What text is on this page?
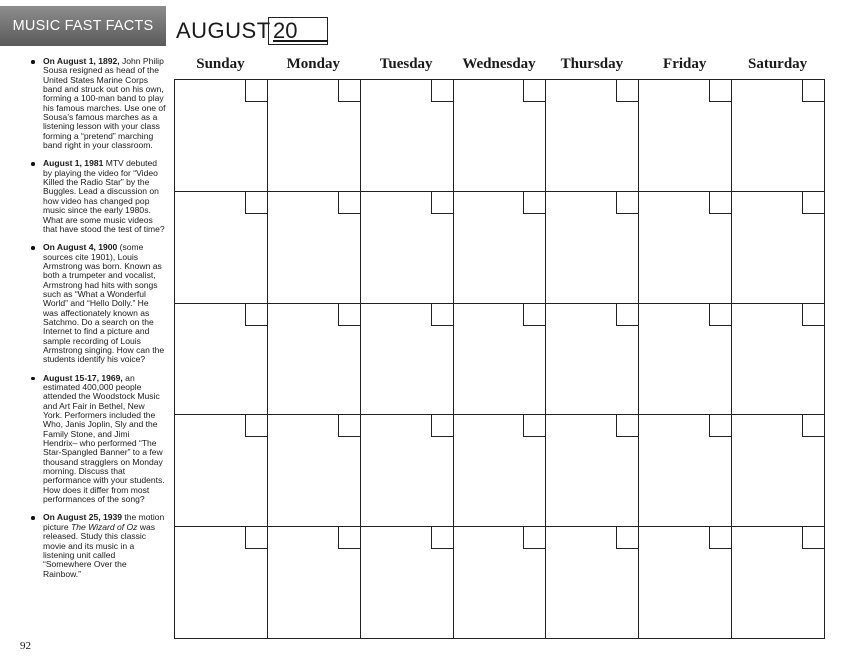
MUSIC FAST FACTS	AUGUST 20
On August 1, 1892, John Philip Sousa resigned as head of the United States Marine Corps band and struck out on his own, forming a 100-man band to play his famous marches. Use one of Sousa’s famous marches as a listening lesson with your class forming a “pretend” marching band right in your classroom.
August 1, 1981 MTV debuted by playing the video for “Video Killed the Radio Star” by the Buggles. Lead a discussion on how video has changed pop music since the early 1980s. What are some music videos that have stood the test of time?
On August 4, 1900 (some sources cite 1901), Louis Armstrong was born. Known as both a trumpeter and vocalist, Armstrong had hits with songs such as “What a Wonderful World” and “Hello Dolly.” He was affectionately known as Satchmo. Do a search on the Internet to find a picture and sample recording of Louis Armstrong singing. How can the students identify his voice?
August 15-17, 1969, an estimated 400,000 people attended the Woodstock Music and Art Fair in Bethel, New York. Performers included the Who, Janis Joplin, Sly and the Family Stone, and Jimi Hendrix– who performed “The Star-Spangled Banner” to a few thousand stragglers on Monday morning. Discuss that performance with your students. How does it differ from most performances of the song?
On August 25, 1939 the motion picture The Wizard of Oz was released. Study this classic movie and its music in a listening unit called “Somewhere Over the Rainbow.”
Sunday	Monday	Tuesday	Wednesday	Thursday	Friday	Saturday
92
